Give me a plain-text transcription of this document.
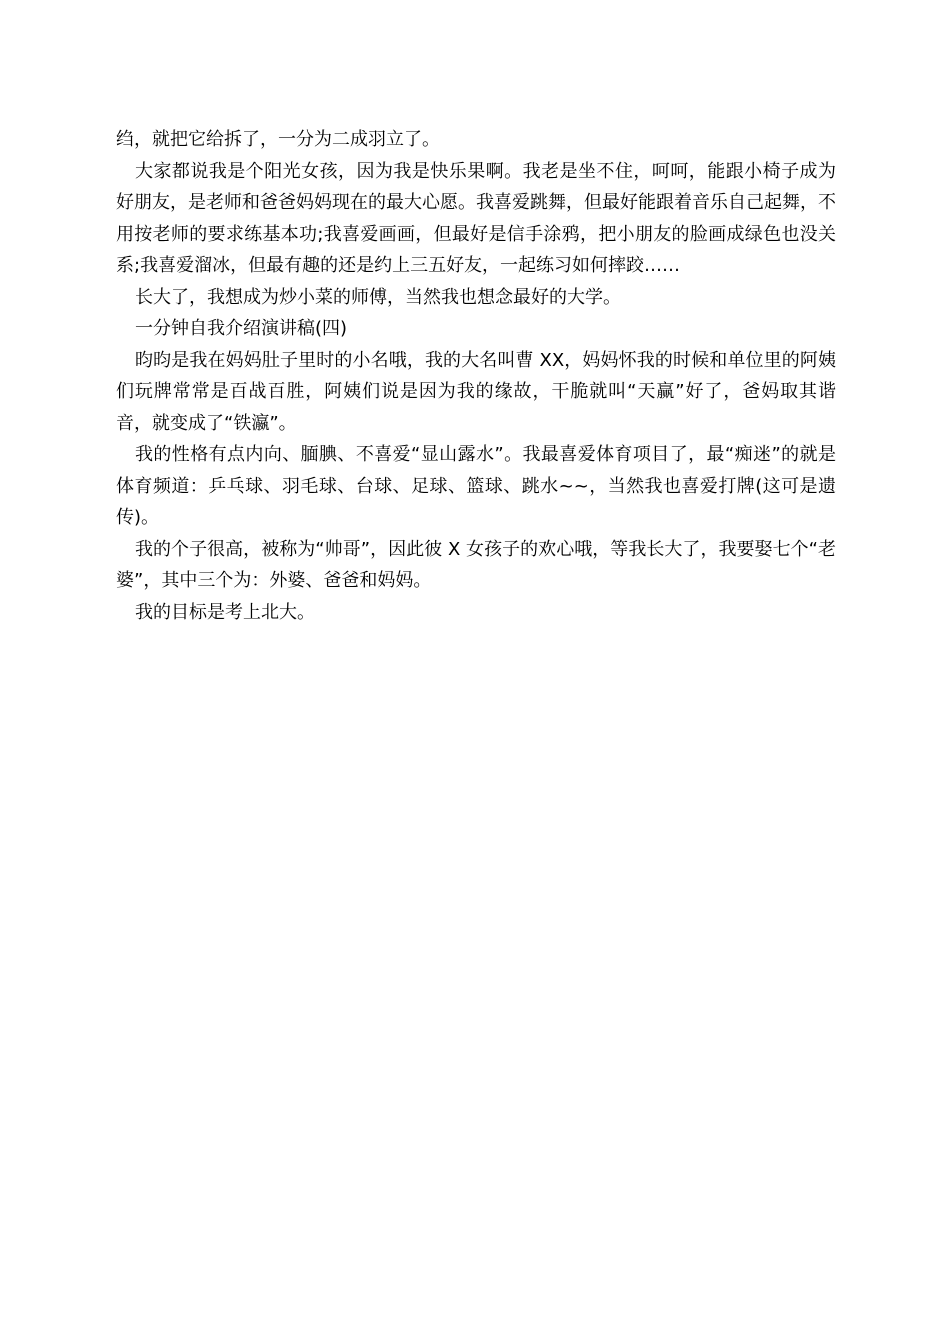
绉，就把它给拆了，一分为二成羽立了。

大家都说我是个阳光女孩，因为我是快乐果啊。我老是坐不住，呵呵，能跟小椅子成为好朋友，是老师和爸爸妈妈现在的最大心愿。我喜爱跳舞，但最好能跟着音乐自己起舞，不用按老师的要求练基本功;我喜爱画画，但最好是信手涂鸦，把小朋友的脸画成绿色也没关系;我喜爱溜冰，但最有趣的还是约上三五好友，一起练习如何摔跤……

长大了，我想成为炒小菜的师傅，当然我也想念最好的大学。

一分钟自我介绍演讲稿(四)

昀昀是我在妈妈肚子里时的小名哦，我的大名叫曹 XX，妈妈怀我的时候和单位里的阿姨们玩牌常常是百战百胜，阿姨们说是因为我的缘故，干脆就叫“天赢”好了，爸妈取其谐音，就变成了“铁瀛”。

我的性格有点内向、腼腆、不喜爱“显山露水”。我最喜爱体育项目了，最“痴迷”的就是体育频道：乒乓球、羽毛球、台球、足球、篮球、跳水~~，当然我也喜爱打牌(这可是遗传)。

我的个子很高，被称为“帅哥”，因此彼 X 女孩子的欢心哦，等我长大了，我要娶七个“老婆”，其中三个为：外婆、爸爸和妈妈。

我的目标是考上北大。
